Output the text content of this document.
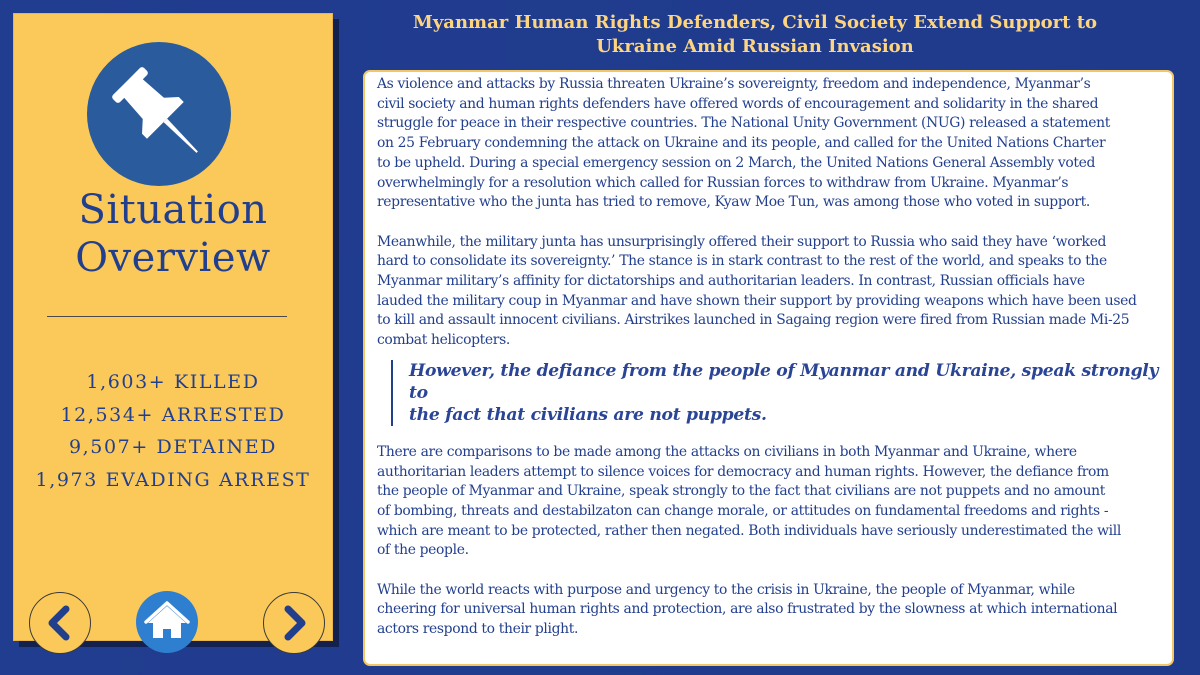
Situation
Overview
1,603+ KILLED
12,534+ ARRESTED
9,507+ DETAINED
1,973 EVADING ARREST
Myanmar Human Rights Defenders, Civil Society Extend Support to
Ukraine Amid Russian Invasion

As violence and attacks by Russia threaten Ukraine’s sovereignty, freedom and independence, Myanmar’s
civil society and human rights defenders have offered words of encouragement and solidarity in the shared
struggle for peace in their respective countries. The National Unity Government (NUG) released a statement
on 25 February condemning the attack on Ukraine and its people, and called for the United Nations Charter
to be upheld. During a special emergency session on 2 March, the United Nations General Assembly voted
overwhelmingly for a resolution which called for Russian forces to withdraw from Ukraine. Myanmar’s
representative who the junta has tried to remove, Kyaw Moe Tun, was among those who voted in support.

Meanwhile, the military junta has unsurprisingly offered their support to Russia who said they have ‘worked
hard to consolidate its sovereignty.’ The stance is in stark contrast to the rest of the world, and speaks to the
Myanmar military’s affinity for dictatorships and authoritarian leaders. In contrast, Russian officials have
lauded the military coup in Myanmar and have shown their support by providing weapons which have been used
to kill and assault innocent civilians. Airstrikes launched in Sagaing region were fired from Russian made Mi-25
combat helicopters.

However, the defiance from the people of Myanmar and Ukraine, speak strongly to
the fact that civilians are not puppets.

There are comparisons to be made among the attacks on civilians in both Myanmar and Ukraine, where
authoritarian leaders attempt to silence voices for democracy and human rights. However, the defiance from
the people of Myanmar and Ukraine, speak strongly to the fact that civilians are not puppets and no amount
of bombing, threats and destabilzaton can change morale, or attitudes on fundamental freedoms and rights -
which are meant to be protected, rather then negated. Both individuals have seriously underestimated the will
of the people.

While the world reacts with purpose and urgency to the crisis in Ukraine, the people of Myanmar, while
cheering for universal human rights and protection, are also frustrated by the slowness at which international
actors respond to their plight.
